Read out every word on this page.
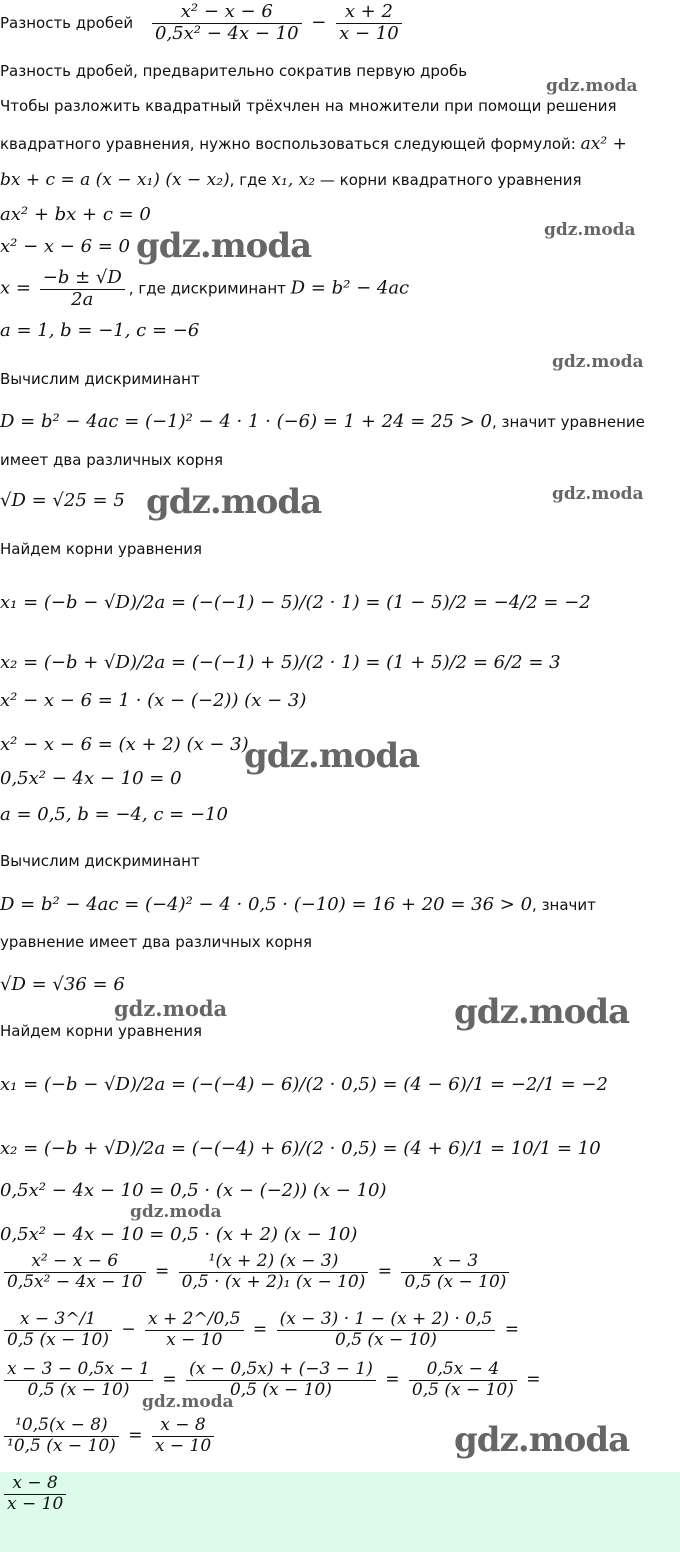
Разность дробей $\frac{\text{x² − x − 6}}{\text{0,5x² − 4x − 10}} - \frac{x + 2}{x - 10}$
Разность дробей, предварительно сократив первую дробь
Чтобы разложить квадратный трёхчлен на множители при помощи решения
квадратного уравнения, нужно воспользоваться следующей формулой: ax² +
bx + c = a (x − x₁) (x − x₂), где x₁, x₂ — корни квадратного уравнения
ax² + bx + c = 0
x² − x − 6 = 0
$x = \frac{-b \pm √D}{2a}$ , где дискриминант D = b² − 4ac
a = 1, b = −1, c = −6
Вычислим дискриминант
D = b² − 4ac = (−1)² − 4 · 1 · (−6) = 1 + 24 = 25 > 0, значит уравнение
имеет два различных корня
√D = √25 = 5
Найдем корни уравнения
x₁ = (−b − √D)/2a = (−(−1) − 5)/(2 · 1) = (1 − 5)/2 = −4/2 = −2
x₂ = (−b + √D)/2a = (−(−1) + 5)/(2 · 1) = (1 + 5)/2 = 6/2 = 3
x² − x − 6 = 1 · (x − (−2)) (x − 3)
x² − x − 6 = (x + 2) (x − 3)
0,5x² − 4x − 10 = 0
a = 0,5, b = −4, c = −10
Вычислим дискриминант
D = b² − 4ac = (−4)² − 4 · 0,5 · (−10) = 16 + 20 = 36 > 0, значит
уравнение имеет два различных корня
√D = √36 = 6
Найдем корни уравнения
x₁ = (−b − √D)/2a = (−(−4) − 6)/(2 · 0,5) = (4 − 6)/1 = −2/1 = −2
x₂ = (−b + √D)/2a = (−(−4) + 6)/(2 · 0,5) = (4 + 6)/1 = 10/1 = 10
0,5x² − 4x − 10 = 0,5 · (x − (−2)) (x − 10)
0,5x² − 4x − 10 = 0,5 · (x + 2) (x − 10)
$\frac{\text{x² − x − 6}}{\text{0,5x² − 4x − 10}} = \frac{\text{¹(x + 2) (x − 3)}}{\text{0,5 · (x + 2)₁ (x − 10)}} = \frac{x - 3}{0,5 (x - 10)}$
$\frac{x - 3\^{}/1}{0,5 (x - 10)} - \frac{x + 2\^{}/0,5}{x - 10} = \frac{(x - 3) \cdot 1 - (x + 2) \cdot 0,5}{0,5 (x - 10)}$ =
$\frac{x - 3 - 0,5x - 1}{0,5 (x - 10)} = \frac{(x - 0,5x) + (-3 - 1)}{0,5 (x - 10)} = \frac{0,5x - 4}{0,5 (x - 10)}$ =
$\frac{\text{¹0,5(x − 8)}}{\text{¹0,5 (x − 10)}} = \frac{x - 8}{x - 10}$
$\frac{x - 8}{x - 10}$
gdz.moda
gdz.moda
gdz.moda
gdz.moda
gdz.moda	gdz.moda
gdz.moda
gdz.moda	gdz.moda
gdz.moda
gdz.moda
gdz.moda
